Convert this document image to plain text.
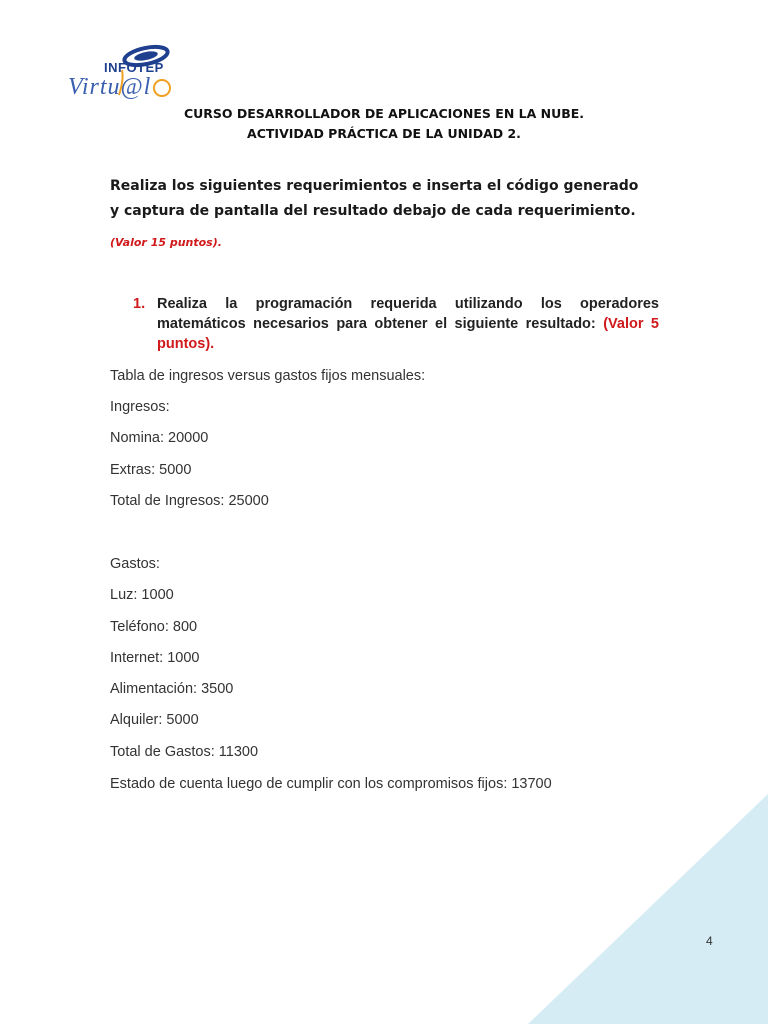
INFOTEP
Virtu@l
CURSO DESARROLLADOR DE APLICACIONES EN LA NUBE.
ACTIVIDAD PRÁCTICA DE LA UNIDAD 2.
Realiza los siguientes requerimientos e inserta el código generado y captura de pantalla del resultado debajo de cada requerimiento.
(Valor 15 puntos).
1. Realiza la programación requerida utilizando los operadores matemáticos necesarios para obtener el siguiente resultado: (Valor 5 puntos).
Tabla de ingresos versus gastos fijos mensuales:
Ingresos:
Nomina: 20000
Extras: 5000
Total de Ingresos: 25000
Gastos:
Luz: 1000
Teléfono: 800
Internet: 1000
Alimentación: 3500
Alquiler: 5000
Total de Gastos: 11300
Estado de cuenta luego de cumplir con los compromisos fijos: 13700
4
